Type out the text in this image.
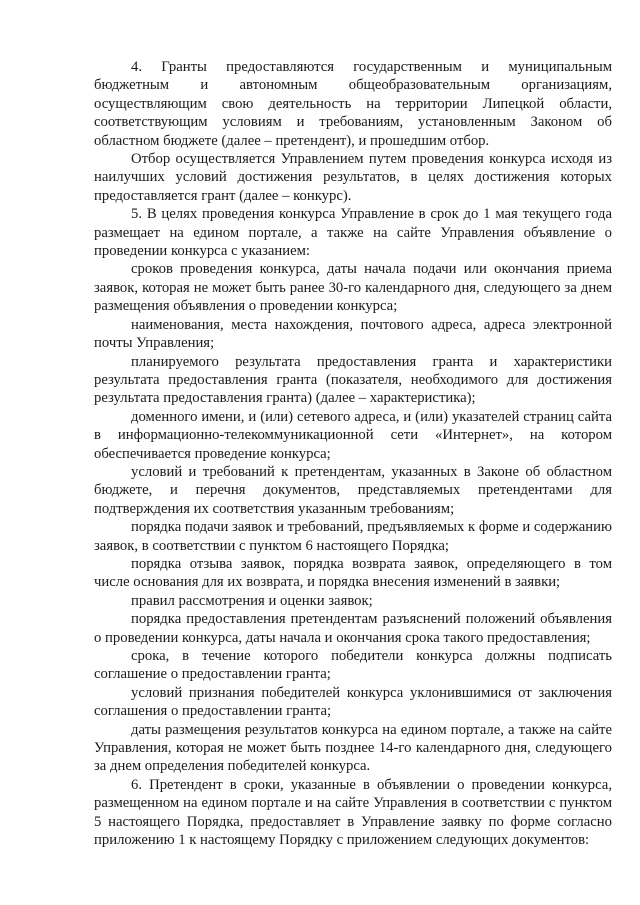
4. Гранты предоставляются государственным и муниципальным бюджетным и автономным общеобразовательным организациям, осуществляющим свою деятельность на территории Липецкой области, соответствующим условиям и требованиям, установленным Законом об областном бюджете (далее – претендент), и прошедшим отбор.

Отбор осуществляется Управлением путем проведения конкурса исходя из наилучших условий достижения результатов, в целях достижения которых предоставляется грант (далее – конкурс).

5. В целях проведения конкурса Управление в срок до 1 мая текущего года размещает на едином портале, а также на сайте Управления объявление о проведении конкурса с указанием:

сроков проведения конкурса, даты начала подачи или окончания приема заявок, которая не может быть ранее 30-го календарного дня, следующего за днем размещения объявления о проведении конкурса;

наименования, места нахождения, почтового адреса, адреса электронной почты Управления;

планируемого результата предоставления гранта и характеристики результата предоставления гранта (показателя, необходимого для достижения результата предоставления гранта) (далее – характеристика);

доменного имени, и (или) сетевого адреса, и (или) указателей страниц сайта в информационно-телекоммуникационной сети «Интернет», на котором обеспечивается проведение конкурса;

условий и требований к претендентам, указанных в Законе об областном бюджете, и перечня документов, представляемых претендентами для подтверждения их соответствия указанным требованиям;

порядка подачи заявок и требований, предъявляемых к форме и содержанию заявок, в соответствии с пунктом 6 настоящего Порядка;

порядка отзыва заявок, порядка возврата заявок, определяющего в том числе основания для их возврата, и порядка внесения изменений в заявки;

правил рассмотрения и оценки заявок;

порядка предоставления претендентам разъяснений положений объявления о проведении конкурса, даты начала и окончания срока такого предоставления;

срока, в течение которого победители конкурса должны подписать соглашение о предоставлении гранта;

условий признания победителей конкурса уклонившимися от заключения соглашения о предоставлении гранта;

даты размещения результатов конкурса на едином портале, а также на сайте Управления, которая не может быть позднее 14-го календарного дня, следующего за днем определения победителей конкурса.

6. Претендент в сроки, указанные в объявлении о проведении конкурса, размещенном на едином портале и на сайте Управления в соответствии с пунктом 5 настоящего Порядка, предоставляет в Управление заявку по форме согласно приложению 1 к настоящему Порядку с приложением следующих документов:
